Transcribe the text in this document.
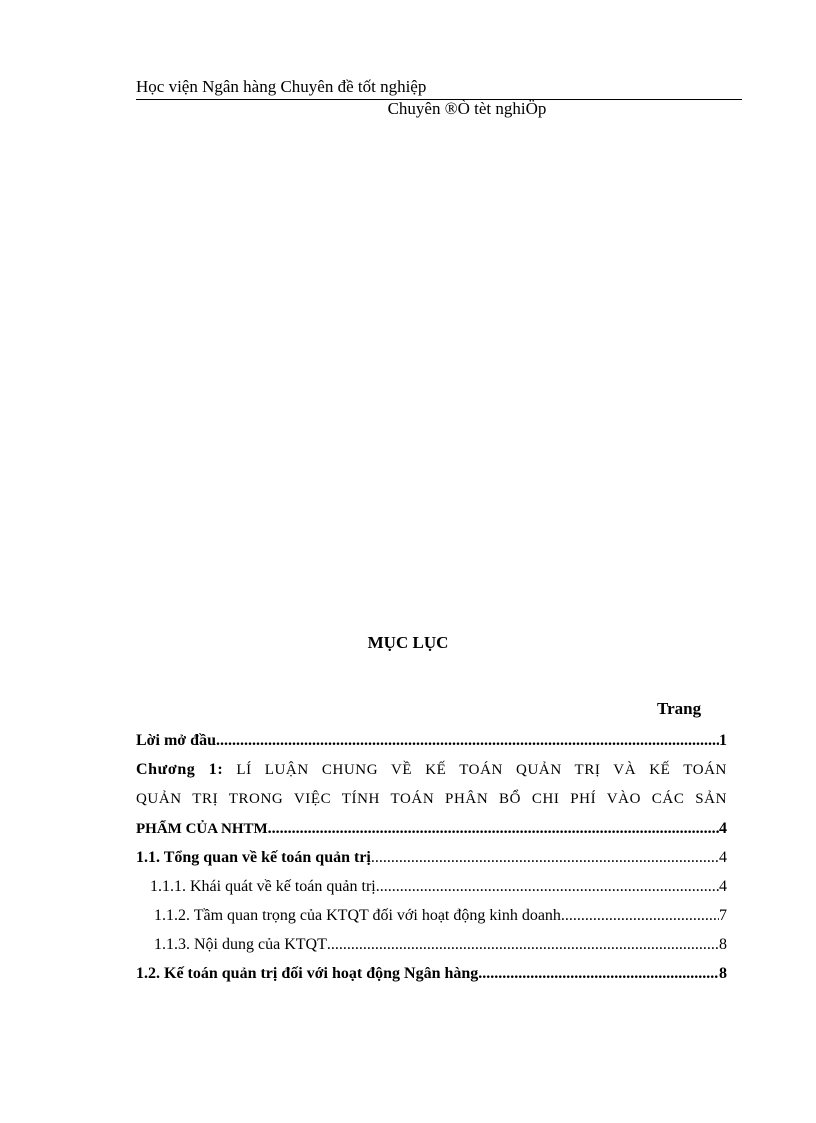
Học viện Ngân hàng Chuyên đề tốt nghiệp
Chuyên ®Ò tèt nghiÖp
MỤC LỤC
Trang
Lời mở đầu .....	1
Chương 1: LÍ LUẬN CHUNG VỀ KẾ TOÁN QUẢN TRỊ VÀ KẾ TOÁN
QUẢN TRỊ TRONG VIỆC TÍNH TOÁN PHÂN BỔ CHI PHÍ VÀO CÁC SẢN
PHẨM CỦA NHTM .....	4
1.1. Tổng quan về kế toán quản trị .....	4
1.1.1. Khái quát về kế toán quản trị .....	4
1.1.2. Tầm quan trọng của KTQT đối với hoạt động kinh doanh .....	7
1.1.3. Nội dung của KTQT .....	8
1.2. Kế toán quản trị đối với hoạt động Ngân hàng .....	8
